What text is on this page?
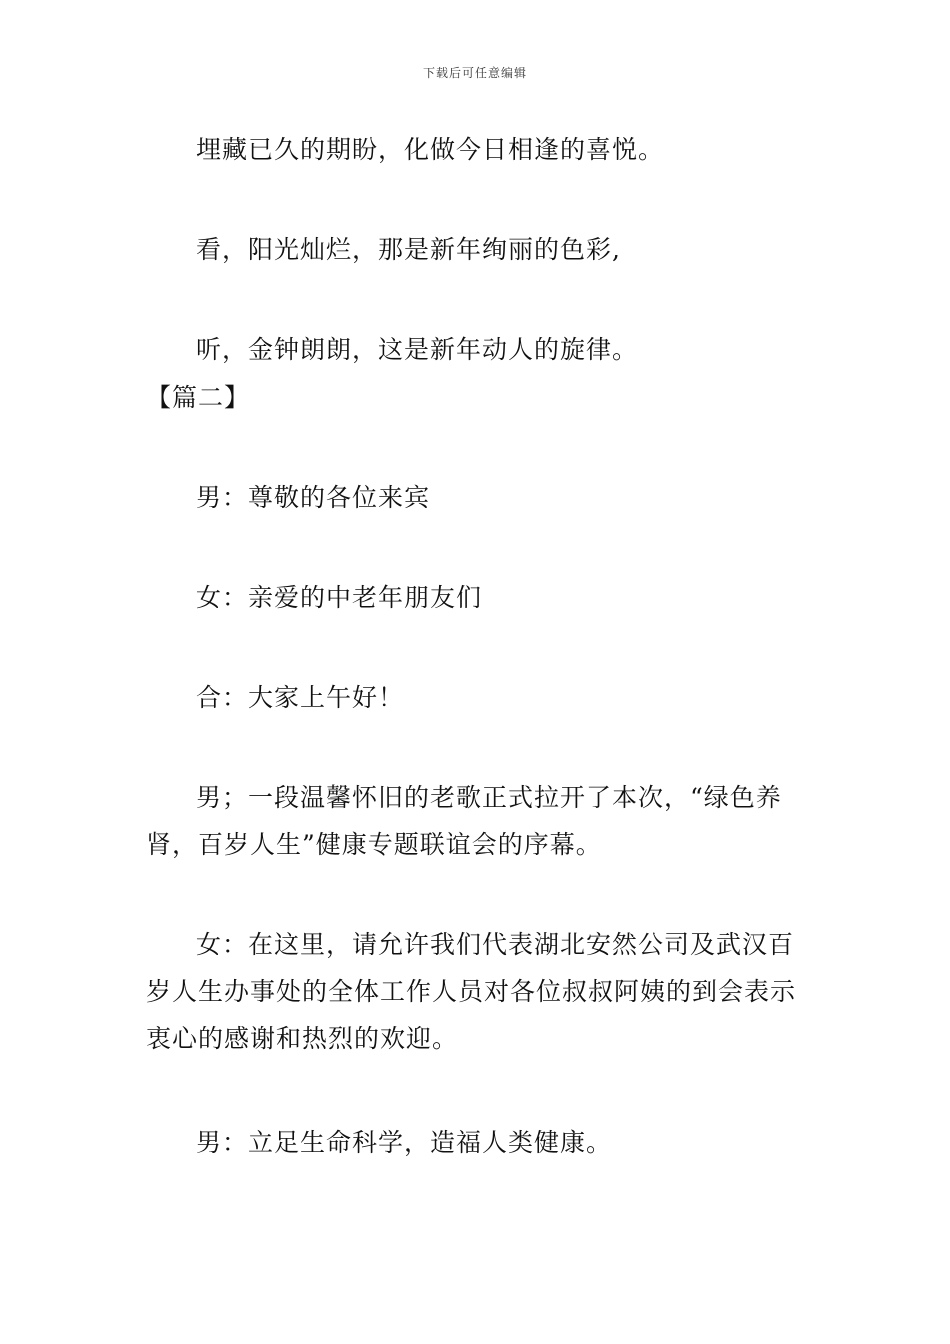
下载后可任意编辑

埋藏已久的期盼，化做今日相逢的喜悦。

看，阳光灿烂，那是新年绚丽的色彩,

听，金钟朗朗，这是新年动人的旋律。

【篇二】

男：尊敬的各位来宾

女：亲爱的中老年朋友们

合：大家上午好！

男；一段温馨怀旧的老歌正式拉开了本次，“绿色养肾，百岁人生”健康专题联谊会的序幕。

女：在这里，请允许我们代表湖北安然公司及武汉百岁人生办事处的全体工作人员对各位叔叔阿姨的到会表示衷心的感谢和热烈的欢迎。

男：立足生命科学，造福人类健康。
